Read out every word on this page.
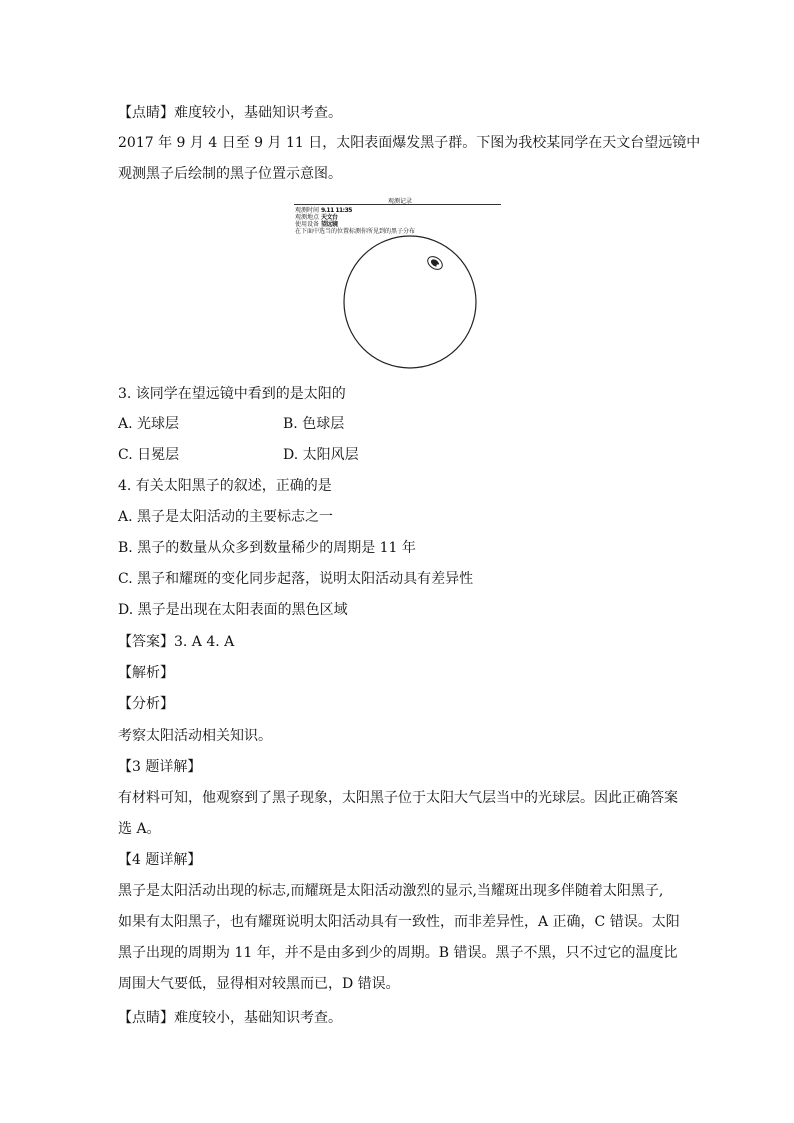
【点睛】难度较小，基础知识考查。
2017 年 9 月 4 日至 9 月 11 日，太阳表面爆发黑子群。下图为我校某同学在天文台望远镜中
观测黑子后绘制的黑子位置示意图。
观测记录
观测时间 9.11 11:35
观测地点 天文台
使用设备 望远镜
在下面中选当的位置标测你所见到的黑子分布
3. 该同学在望远镜中看到的是太阳的
A. 光球层	B. 色球层
C. 日冕层	D. 太阳风层
4. 有关太阳黑子的叙述，正确的是
A. 黑子是太阳活动的主要标志之一
B. 黑子的数量从众多到数量稀少的周期是 11 年
C. 黑子和耀斑的变化同步起落，说明太阳活动具有差异性
D. 黑子是出现在太阳表面的黑色区域
【答案】3. A 4. A
【解析】
【分析】
考察太阳活动相关知识。
【3 题详解】
有材料可知，他观察到了黑子现象，太阳黑子位于太阳大气层当中的光球层。因此正确答案
选 A。
【4 题详解】
黑子是太阳活动出现的标志,而耀斑是太阳活动激烈的显示,当耀斑出现多伴随着太阳黑子,
如果有太阳黑子，也有耀斑说明太阳活动具有一致性，而非差异性，A 正确，C 错误。太阳
黑子出现的周期为 11 年，并不是由多到少的周期。B 错误。黑子不黑，只不过它的温度比
周围大气要低，显得相对较黑而已，D 错误。
【点睛】难度较小，基础知识考查。
